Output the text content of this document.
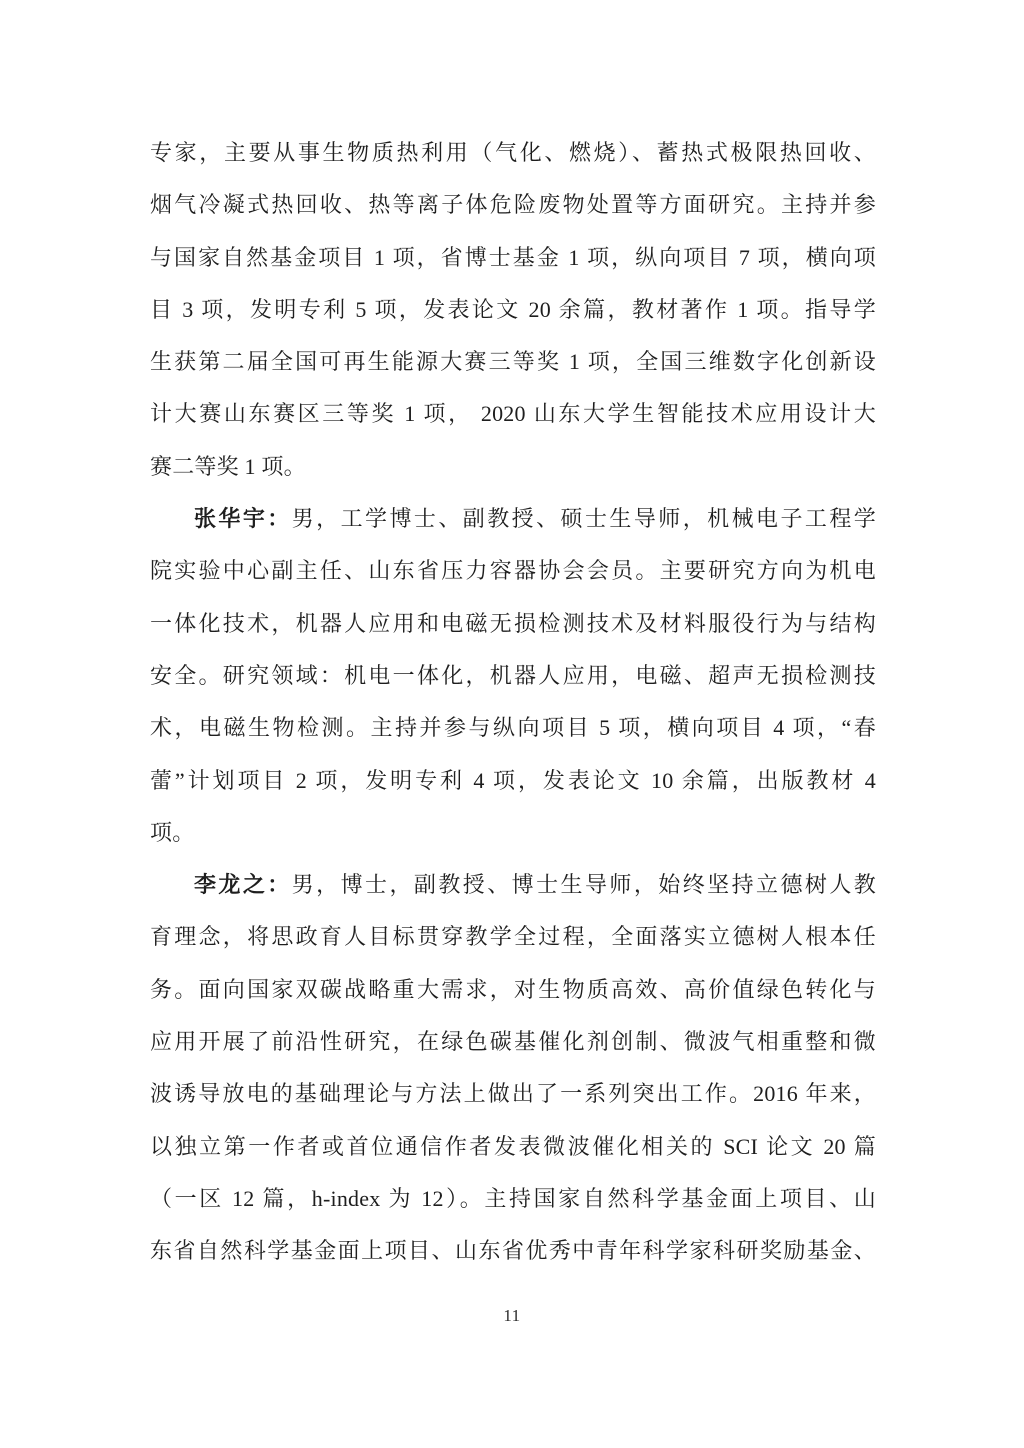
专家，主要从事生物质热利用（气化、燃烧）、蓄热式极限热回收、
烟气冷凝式热回收、热等离子体危险废物处置等方面研究。主持并参
与国家自然基金项目 1 项，省博士基金 1 项，纵向项目 7 项，横向项
目 3 项，发明专利 5 项，发表论文 20 余篇，教材著作 1 项。指导学
生获第二届全国可再生能源大赛三等奖 1 项，全国三维数字化创新设
计大赛山东赛区三等奖 1 项， 2020 山东大学生智能技术应用设计大
赛二等奖 1 项。
张华宇：男，工学博士、副教授、硕士生导师，机械电子工程学
院实验中心副主任、山东省压力容器协会会员。主要研究方向为机电
一体化技术，机器人应用和电磁无损检测技术及材料服役行为与结构
安全。研究领域：机电一体化，机器人应用，电磁、超声无损检测技
术，电磁生物检测。主持并参与纵向项目 5 项，横向项目 4 项，“春
蕾”计划项目 2 项，发明专利 4 项，发表论文 10 余篇，出版教材 4
项。
李龙之：男，博士，副教授、博士生导师，始终坚持立德树人教
育理念，将思政育人目标贯穿教学全过程，全面落实立德树人根本任
务。面向国家双碳战略重大需求，对生物质高效、高价值绿色转化与
应用开展了前沿性研究，在绿色碳基催化剂创制、微波气相重整和微
波诱导放电的基础理论与方法上做出了一系列突出工作。2016 年来，
以独立第一作者或首位通信作者发表微波催化相关的 SCI 论文 20 篇
（一区 12 篇，h-index 为 12）。主持国家自然科学基金面上项目、山
东省自然科学基金面上项目、山东省优秀中青年科学家科研奖励基金、
11
